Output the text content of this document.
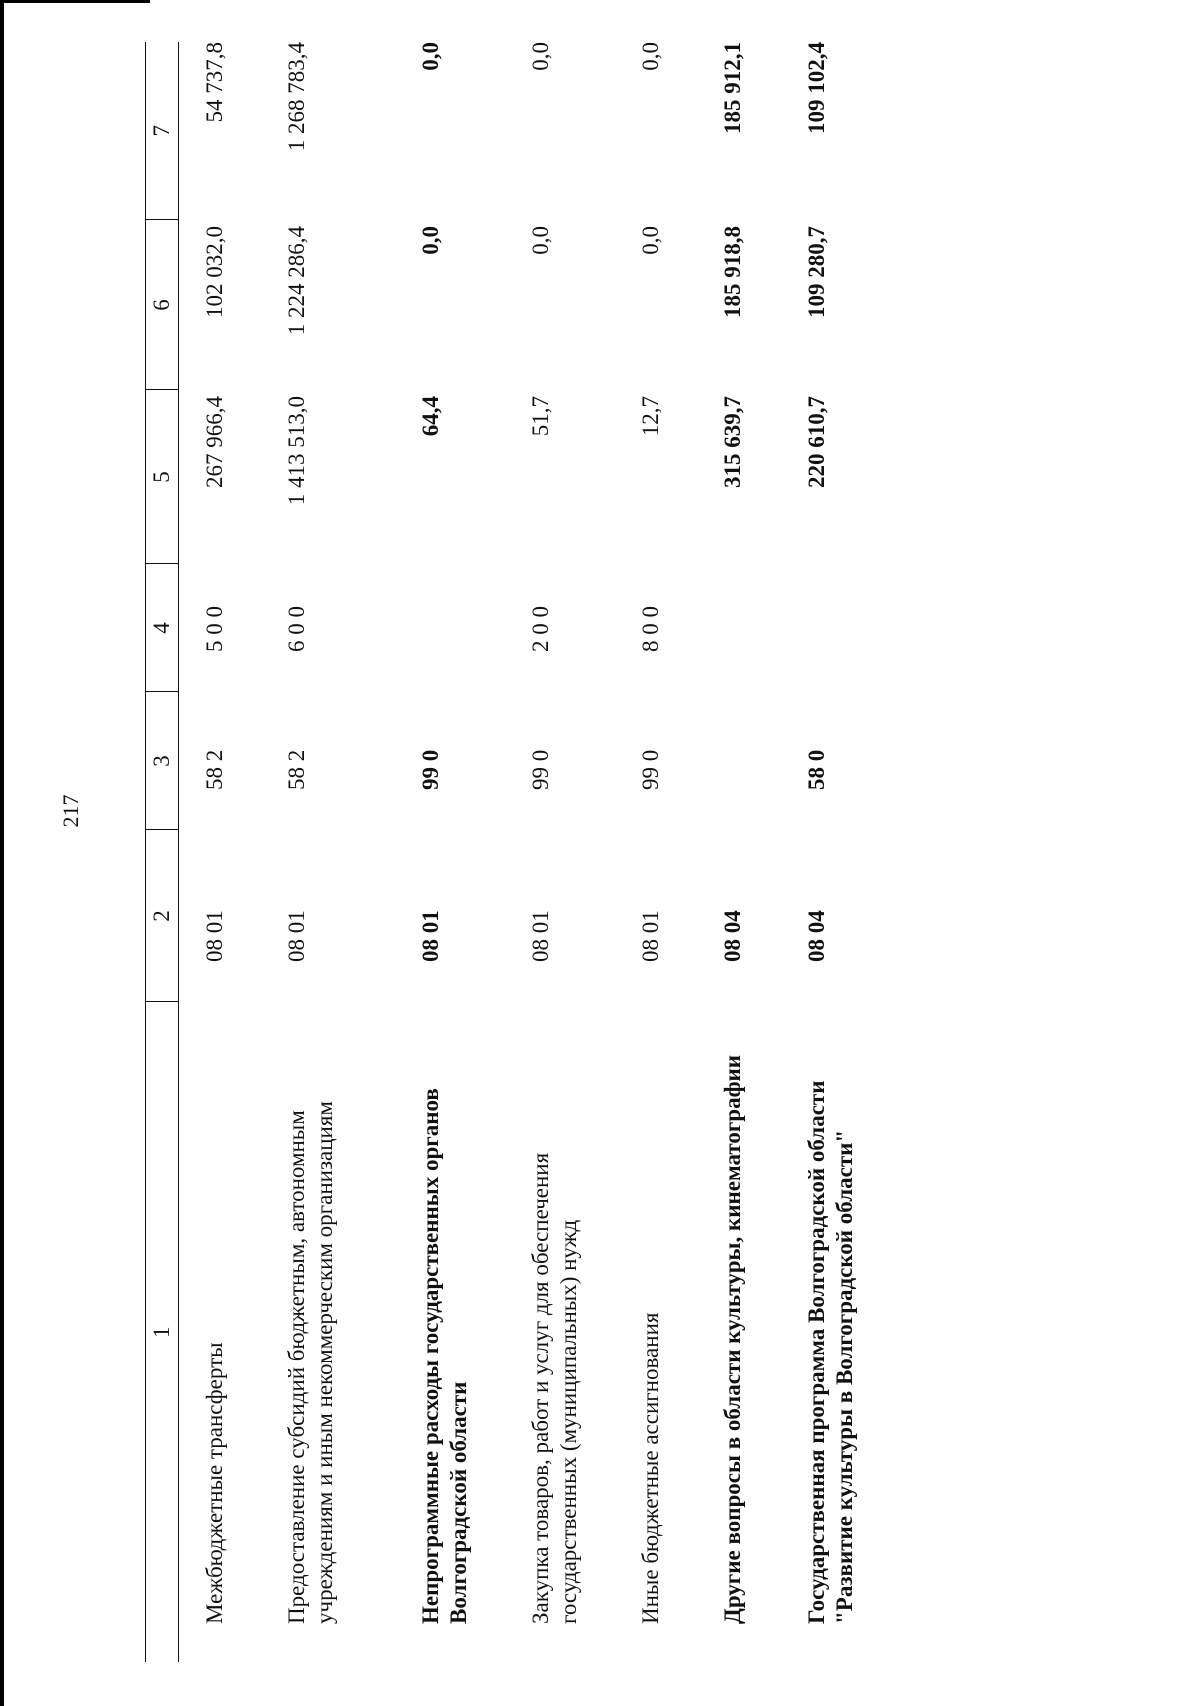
217
1	2	3	4	5	6	7
Межбюджетные трансферты	08 01	58 2	5 0 0	267 966,4	102 032,0	54 737,8
Предоставление субсидий бюджетным, автономным учреждениям и иным некоммерческим организациям	08 01	58 2	6 0 0	1 413 513,0	1 224 286,4	1 268 783,4
Непрограммные расходы государственных органов Волгоградской области	08 01	99 0		64,4	0,0	0,0
Закупка товаров, работ и услуг для обеспечения государственных (муниципальных) нужд	08 01	99 0	2 0 0	51,7	0,0	0,0
Иные бюджетные ассигнования	08 01	99 0	8 0 0	12,7	0,0	0,0
Другие вопросы в области культуры, кинематографии	08 04			315 639,7	185 918,8	185 912,1
Государственная программа Волгоградской области "Развитие культуры в Волгоградской области"	08 04	58 0		220 610,7	109 280,7	109 102,4
